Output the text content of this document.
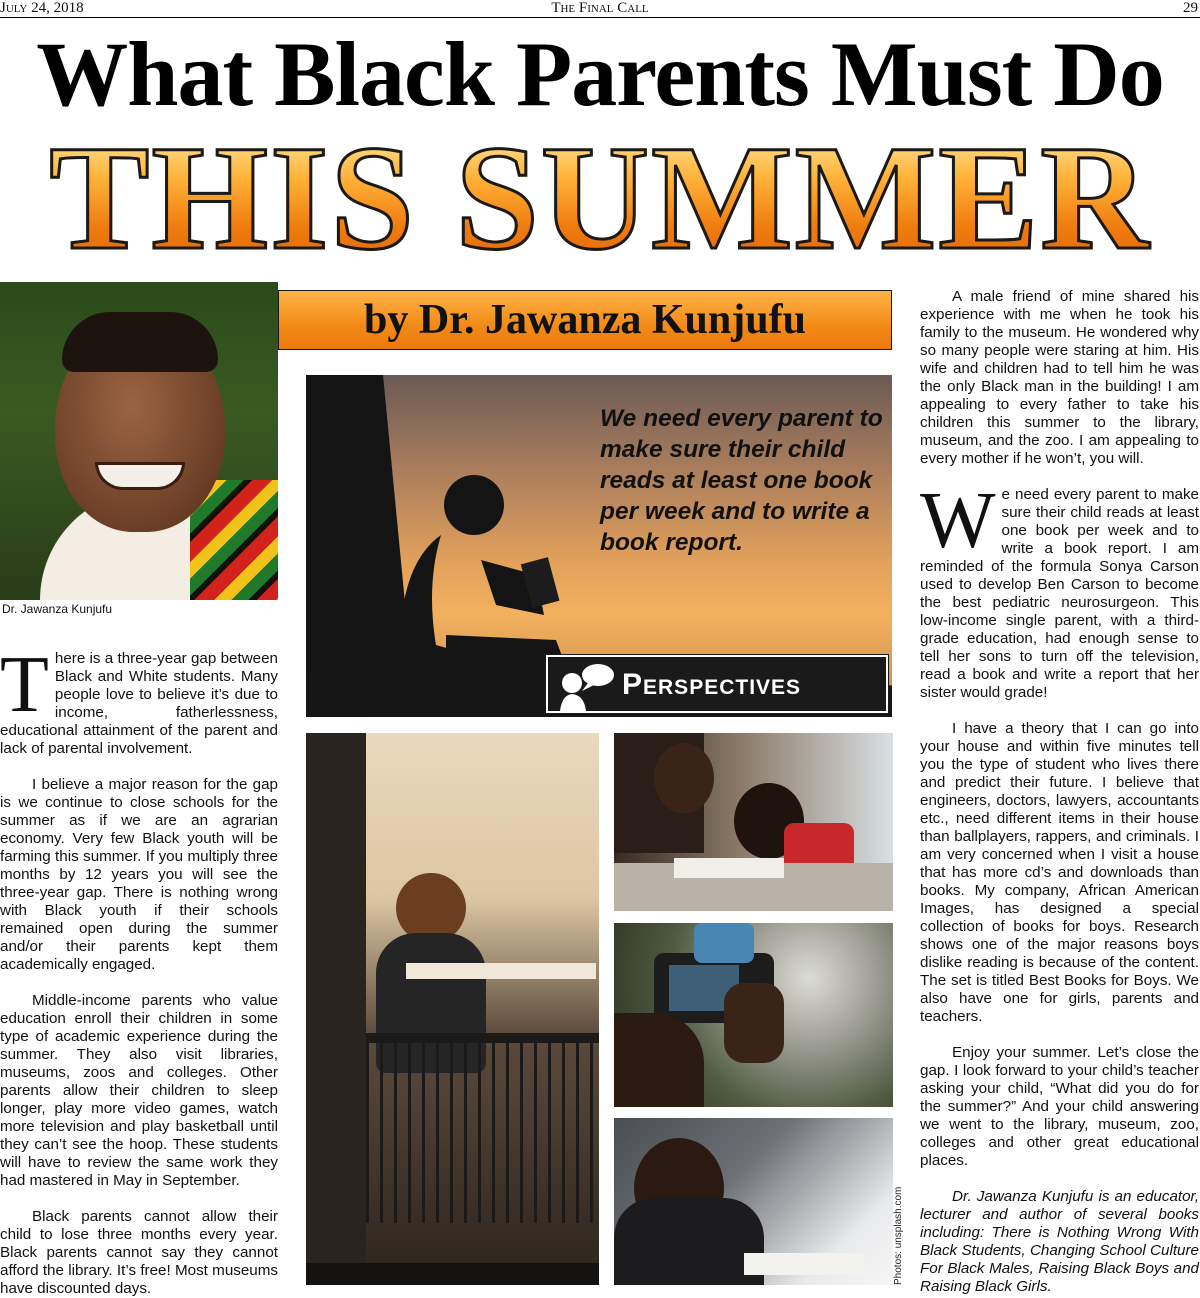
July 24, 2018	The Final Call	29
What Black Parents Must Do
THIS SUMMER
Dr. Jawanza Kunjufu
by Dr. Jawanza Kunjufu

There is a three-year gap between Black and White students. Many people love to believe it’s due to income, fatherlessness, educational attainment of the parent and lack of parental involvement.

I believe a major reason for the gap is we continue to close schools for the summer as if we are an agrarian economy. Very few Black youth will be farming this summer. If you multiply three months by 12 years you will see the three-year gap. There is nothing wrong with Black youth if their schools remained open during the summer and/or their parents kept them academically engaged.

Middle-income parents who value education enroll their children in some type of academic experience during the summer. They also visit libraries, museums, zoos and colleges. Other parents allow their children to sleep longer, play more video games, watch more television and play basketball until they can’t see the hoop. These students will have to review the same work they had mastered in May in September.

Black parents cannot allow their child to lose three months every year. Black parents cannot say they cannot afford the library. It’s free! Most museums have discounted days.

We need every parent to make sure their child reads at least one book per week and to write a book report.
Perspectives
Photos: unsplash.com

A male friend of mine shared his experience with me when he took his family to the museum. He wondered why so many people were staring at him. His wife and children had to tell him he was the only Black man in the building! I am appealing to every father to take his children this summer to the library, museum, and the zoo. I am appealing to every mother if he won’t, you will.

We need every parent to make sure their child reads at least one book per week and to write a book report. I am reminded of the formula Sonya Carson used to develop Ben Carson to become the best pediatric neurosurgeon. This low-income single parent, with a third-grade education, had enough sense to tell her sons to turn off the television, read a book and write a report that her sister would grade!

I have a theory that I can go into your house and within five minutes tell you the type of student who lives there and predict their future. I believe that engineers, doctors, lawyers, accountants etc., need different items in their house than ballplayers, rappers, and criminals. I am very concerned when I visit a house that has more cd’s and downloads than books. My company, African American Images, has designed a special collection of books for boys. Research shows one of the major reasons boys dislike reading is because of the content. The set is titled Best Books for Boys. We also have one for girls, parents and teachers.

Enjoy your summer. Let’s close the gap. I look forward to your child’s teacher asking your child, “What did you do for the summer?” And your child answering we went to the library, museum, zoo, colleges and other great educational places.

Dr. Jawanza Kunjufu is an educator, lecturer and author of several books including: There is Nothing Wrong With Black Students, Changing School Culture For Black Males, Raising Black Boys and Raising Black Girls.
